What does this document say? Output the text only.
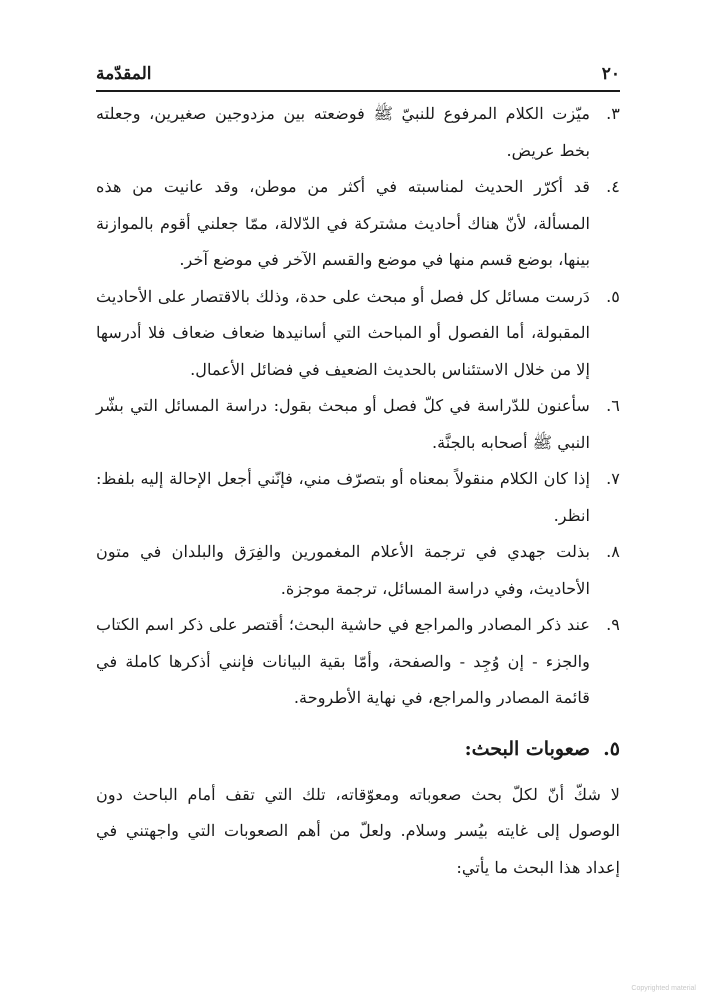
٢٠
المقدّمة
٣.
ميّزت الكلام المرفوع للنبيّ ﷺ فوضعته بين مزدوجين صغيرين، وجعلته بخط عريض.
٤.
قد أكرّر الحديث لمناسبته في أكثر من موطن، وقد عانيت من هذه المسألة، لأنّ هناك أحاديث مشتركة في الدّلالة، ممّا جعلني أقوم بالموازنة بينها، بوضع قسم منها في موضع والقسم الآخر في موضع آخر.
٥.
دَرست مسائل كل فصل أو مبحث على حدة، وذلك بالاقتصار على الأحاديث المقبولة، أما الفصول أو المباحث التي أسانيدها ضعاف ضعاف فلا أدرسها إلا من خلال الاستئناس بالحديث الضعيف في فضائل الأعمال.
٦.
سأعنون للدّراسة في كلّ فصل أو مبحث بقول: دراسة المسائل التي بشّر النبي ﷺ أصحابه بالجنَّة.
٧.
إذا كان الكلام منقولاً بمعناه أو بتصرّف مني، فإنّني أجعل الإحالة إليه بلفظ: انظر.
٨.
بذلت جهدي في ترجمة الأعلام المغمورين والفِرَق والبلدان في متون الأحاديث، وفي دراسة المسائل، ترجمة موجزة.
٩.
عند ذكر المصادر والمراجع في حاشية البحث؛ أقتصر على ذكر اسم الكتاب والجزء - إن وُجِد - والصفحة، وأمّا بقية البيانات فإنني أذكرها كاملة في قائمة المصادر والمراجع، في نهاية الأطروحة.
٥.
صعوبات البحث:
لا شكّ أنّ لكلّ بحث صعوباته ومعوّقاته، تلك التي تقف أمام الباحث دون الوصول إلى غايته بيُسر وسلام. ولعلّ من أهم الصعوبات التي واجهتني في إعداد هذا البحث ما يأتي:
Copyrighted material
